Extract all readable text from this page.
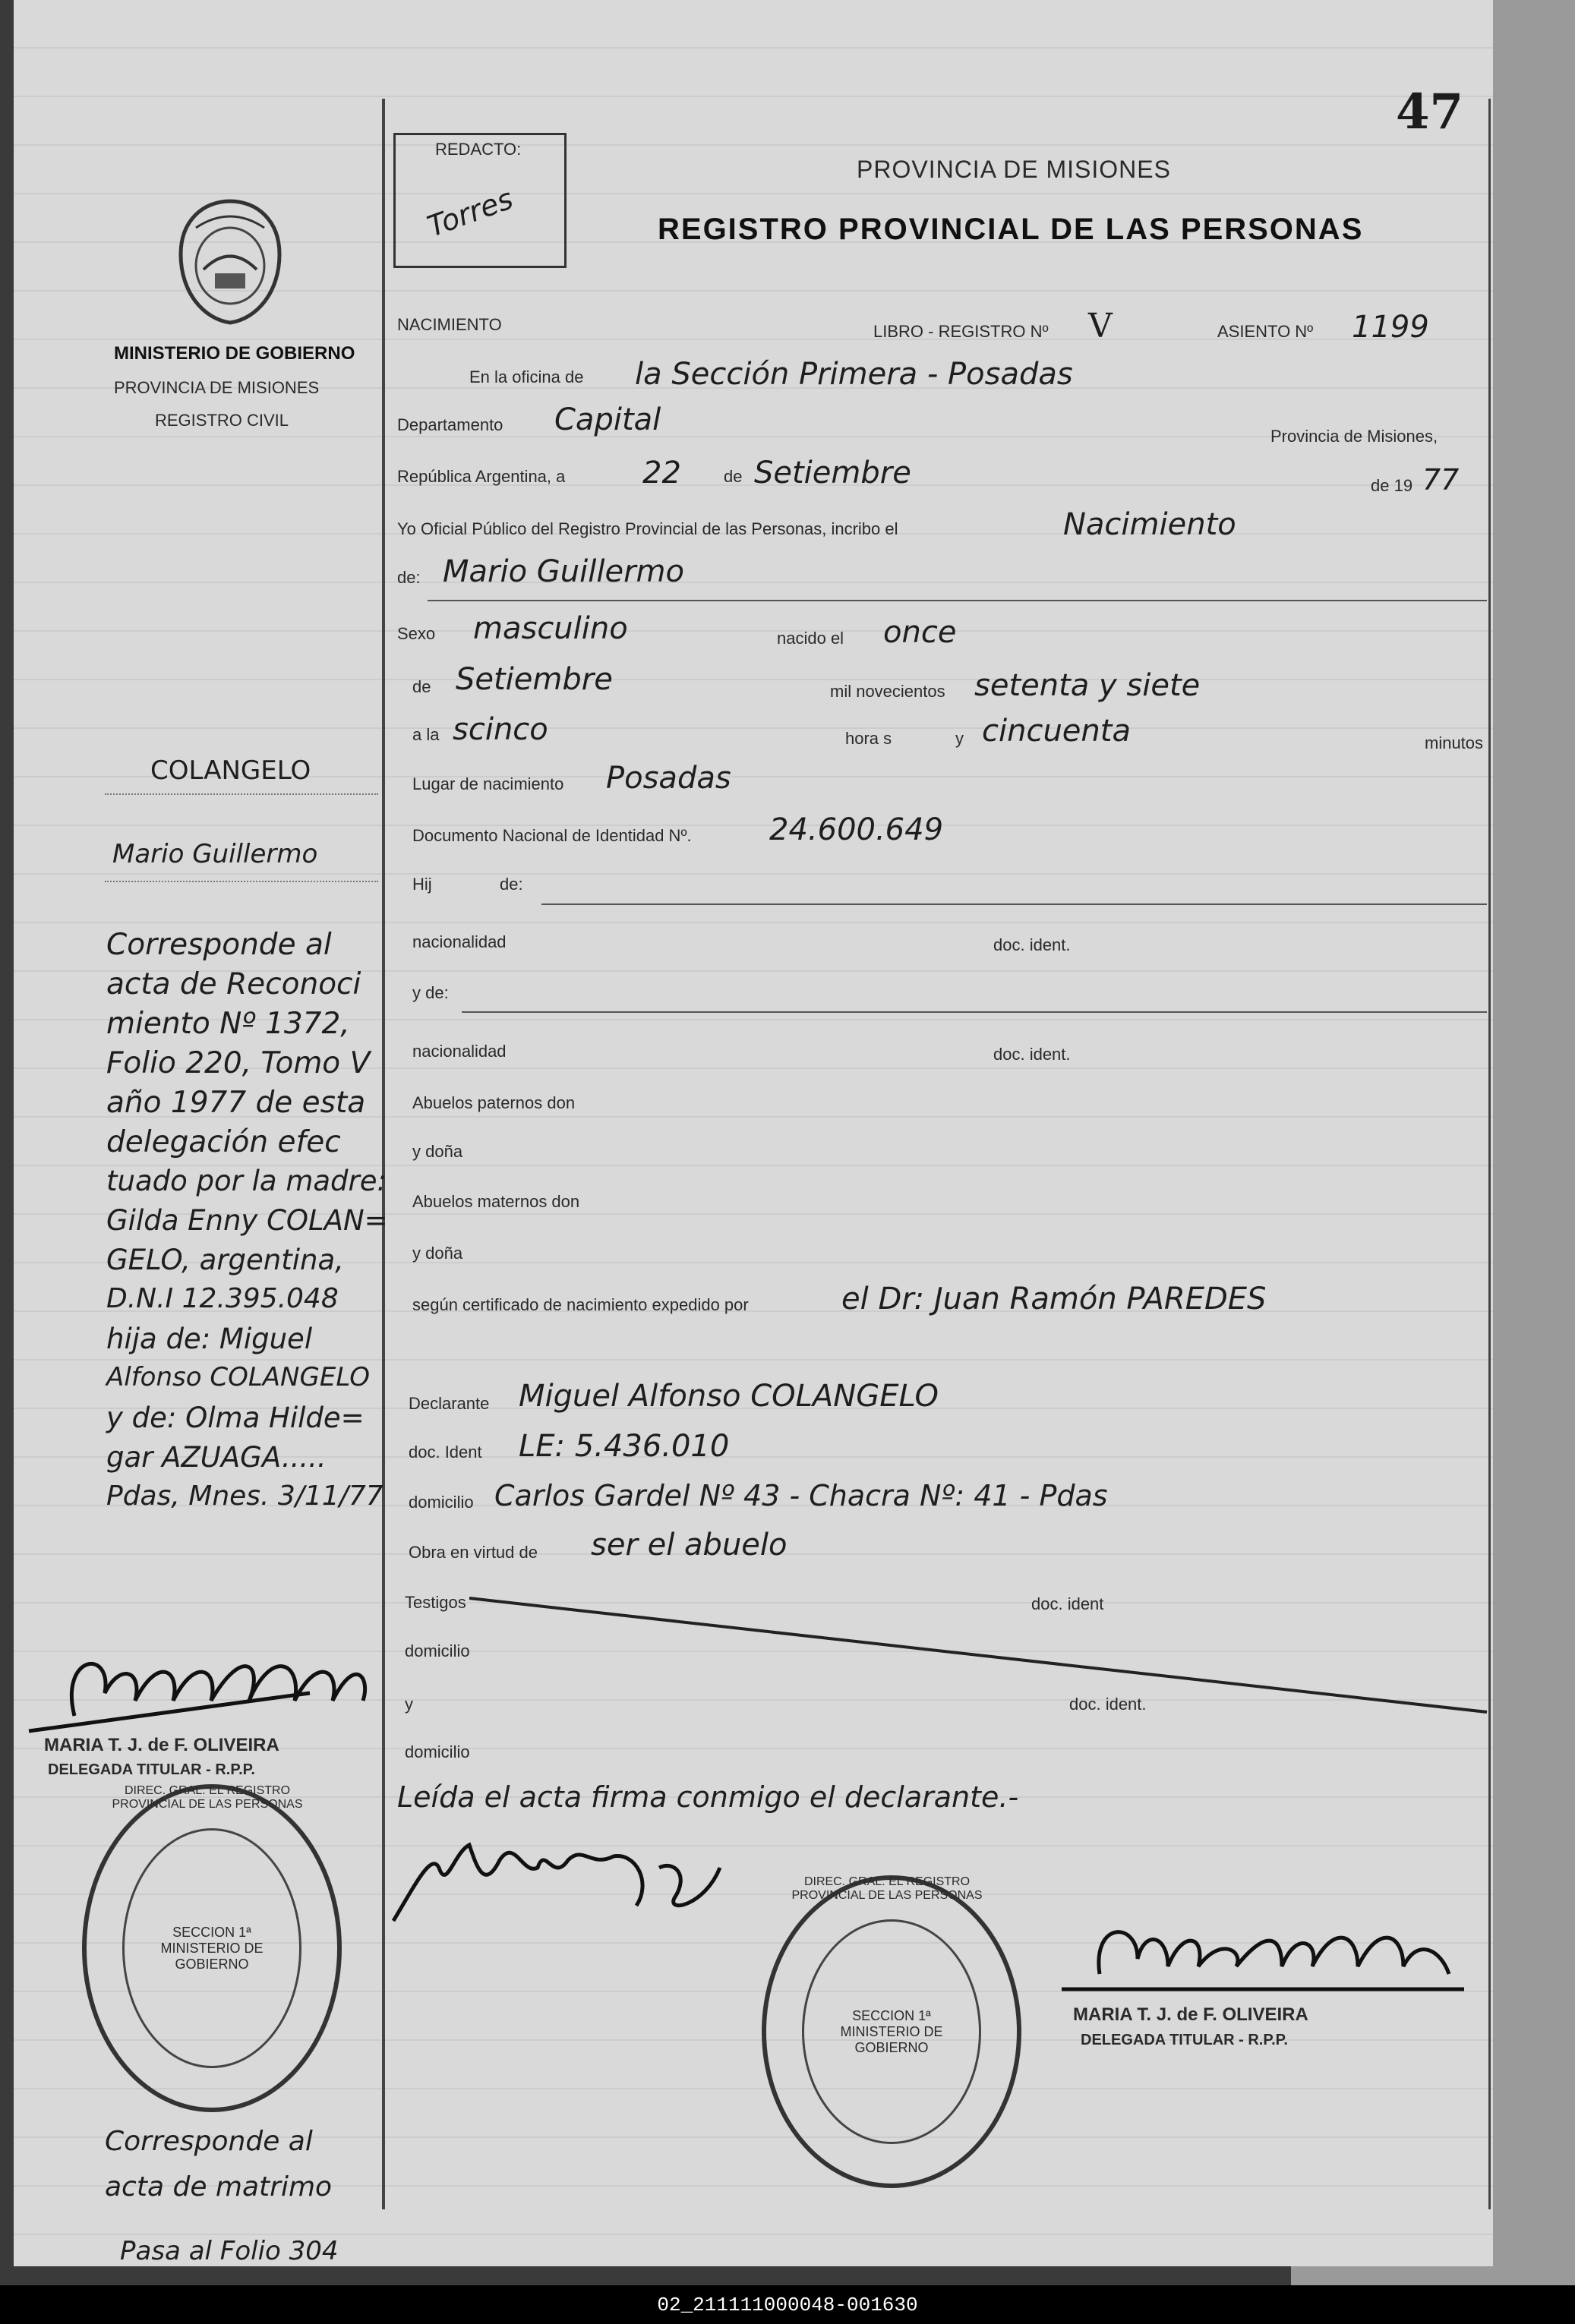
47
REDACTO:
Torres
PROVINCIA DE MISIONES
REGISTRO PROVINCIAL DE LAS PERSONAS
MINISTERIO DE GOBIERNO
PROVINCIA DE MISIONES
REGISTRO CIVIL
NACIMIENTO	LIBRO - REGISTRO Nº V	ASIENTO Nº 1199
En la oficina de la Sección Primera - Posadas
Departamento Capital	Provincia de Misiones,
República Argentina, a	22	de Setiembre	de 19 77
Yo Oficial Público del Registro Provincial de las Personas, incribo el	Nacimiento
de: Mario Guillermo
Sexo masculino	nacido el once
de Setiembre	mil novecientos setenta y siete
a la scinco	hora s	y cincuenta	minutos
Lugar de nacimiento Posadas
Documento Nacional de Identidad Nº.	24.600.649
Hij	de:
nacionalidad	doc. ident.
y de:
nacionalidad	doc. ident.
Abuelos paternos don
y doña
Abuelos maternos don
y doña
según certificado de nacimiento expedido por	el Dr: Juan Ramón PAREDES
Declarante Miguel Alfonso COLANGELO
doc. Ident LE: 5.436.010
domicilio Carlos Gardel Nº 43 - Chacra Nº: 41 - Pdas
Obra en virtud de ser el abuelo
Testigos	doc. ident
domicilio
y	doc. ident.
domicilio
Leída el acta firma conmigo el declarante.-
MARIA T. J. de F. OLIVEIRA
DELEGADA TITULAR - R.P.P.
SECCION 1ª MINISTERIO DE GOBIERNO
DIREC. GRAL. EL REGISTRO PROVINCIAL DE LAS PERSONAS
COLANGELO
Mario Guillermo
Corresponde al
acta de Reconoci
miento Nº 1372,
Folio 220, Tomo V
año 1977 de esta
delegación efec
tuado por la madre:
Gilda Enny COLAN=
GELO, argentina,
D.N.I 12.395.048
hija de: Miguel
Alfonso COLANGELO
y de: Olma Hilde=
gar AZUAGA.....
Pdas, Mnes. 3/11/77
MARIA T. J. de F. OLIVEIRA
DELEGADA TITULAR - R.P.P.
SECCION 1ª MINISTERIO DE GOBIERNO
DIREC. GRAL. EL REGISTRO PROVINCIAL DE LAS PERSONAS
Corresponde al
acta de matrimo
Pasa al Folio 304
02_211111000048-001630
